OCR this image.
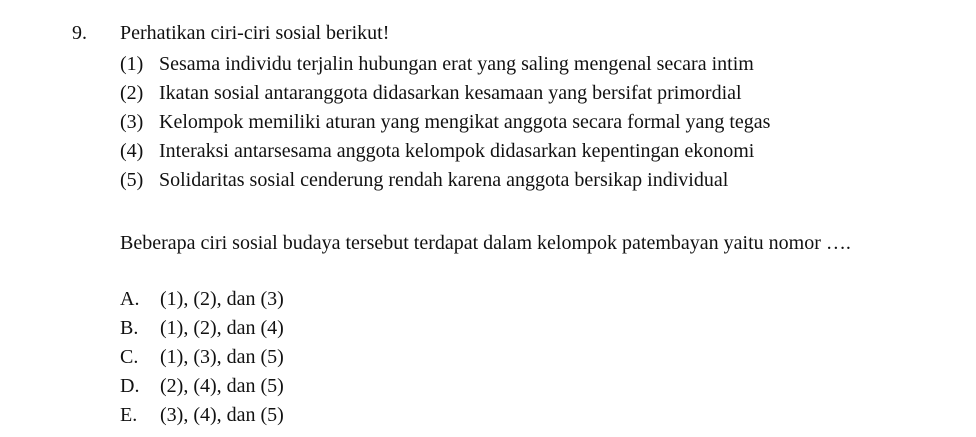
9. Perhatikan ciri-ciri sosial berikut!
(1) Sesama individu terjalin hubungan erat yang saling mengenal secara intim
(2) Ikatan sosial antaranggota didasarkan kesamaan yang bersifat primordial
(3) Kelompok memiliki aturan yang mengikat anggota secara formal yang tegas
(4) Interaksi antarsesama anggota kelompok didasarkan kepentingan ekonomi
(5) Solidaritas sosial cenderung rendah karena anggota bersikap individual
Beberapa ciri sosial budaya tersebut terdapat dalam kelompok patembayan yaitu nomor ….
A.	(1), (2), dan (3)
B.	(1), (2), dan (4)
C.	(1), (3), dan (5)
D.	(2), (4), dan (5)
E.	(3), (4), dan (5)
